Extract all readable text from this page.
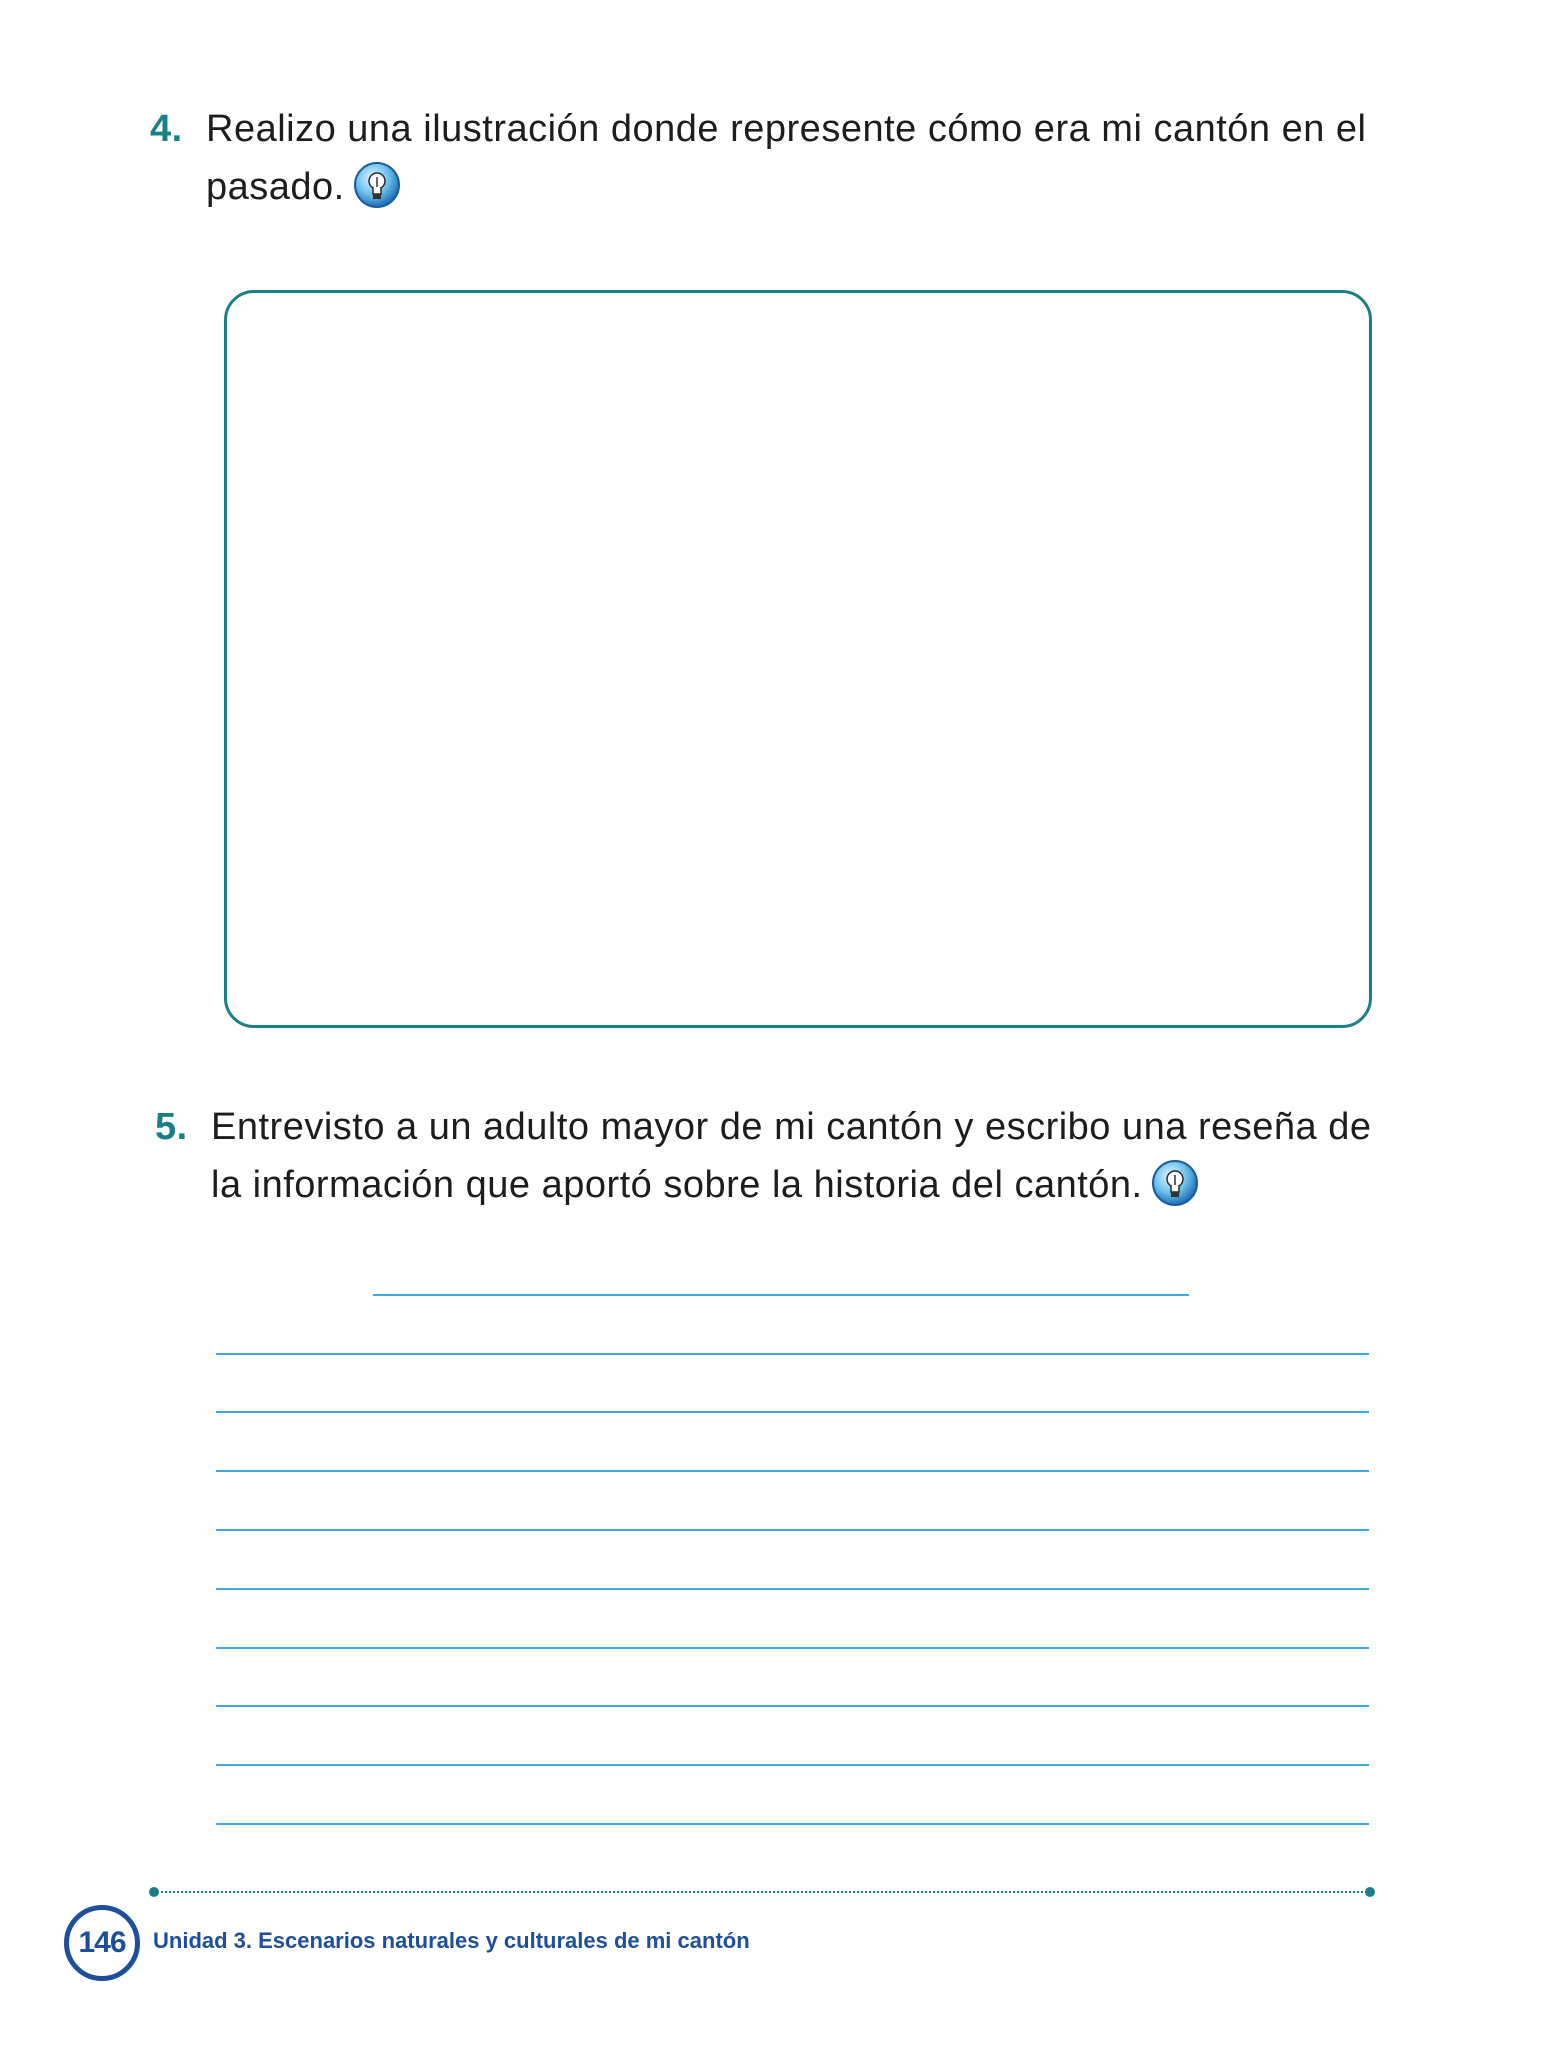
4. Realizo una ilustración donde represente cómo era mi cantón en el pasado.
5. Entrevisto a un adulto mayor de mi cantón y escribo una reseña de la información que aportó sobre la historia del cantón.
146 Unidad 3. Escenarios naturales y culturales de mi cantón
